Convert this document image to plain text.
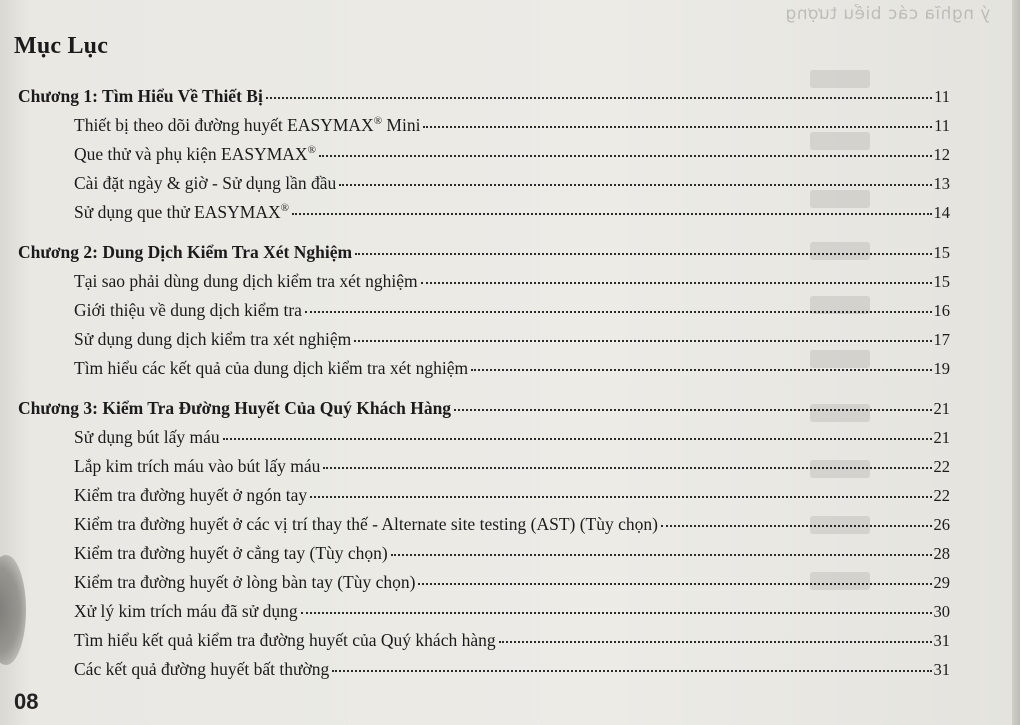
ý nghĩa các biểu tượng
Mục Lục
Chương 1: Tìm Hiểu Về Thiết Bị	11
Thiết bị theo dõi đường huyết EASYMAX® Mini	11
Que thử và phụ kiện EASYMAX®	12
Cài đặt ngày & giờ - Sử dụng lần đầu	13
Sử dụng que thử EASYMAX®	14
Chương 2: Dung Dịch Kiểm Tra Xét Nghiệm	15
Tại sao phải dùng dung dịch kiểm tra xét nghiệm	15
Giới thiệu về dung dịch kiểm tra	16
Sử dụng dung dịch kiểm tra xét nghiệm	17
Tìm hiểu các kết quả của dung dịch kiểm tra xét nghiệm	19
Chương 3: Kiểm Tra Đường Huyết Của Quý Khách Hàng	21
Sử dụng bút lấy máu	21
Lắp kim trích máu vào bút lấy máu	22
Kiểm tra đường huyết ở ngón tay	22
Kiểm tra đường huyết ở các vị trí thay thế - Alternate site testing (AST) (Tùy chọn)	26
Kiểm tra đường huyết ở cẳng tay (Tùy chọn)	28
Kiểm tra đường huyết ở lòng bàn tay (Tùy chọn)	29
Xử lý kim trích máu đã sử dụng	30
Tìm hiểu kết quả kiểm tra đường huyết của Quý khách hàng	31
Các kết quả đường huyết bất thường	31
08
